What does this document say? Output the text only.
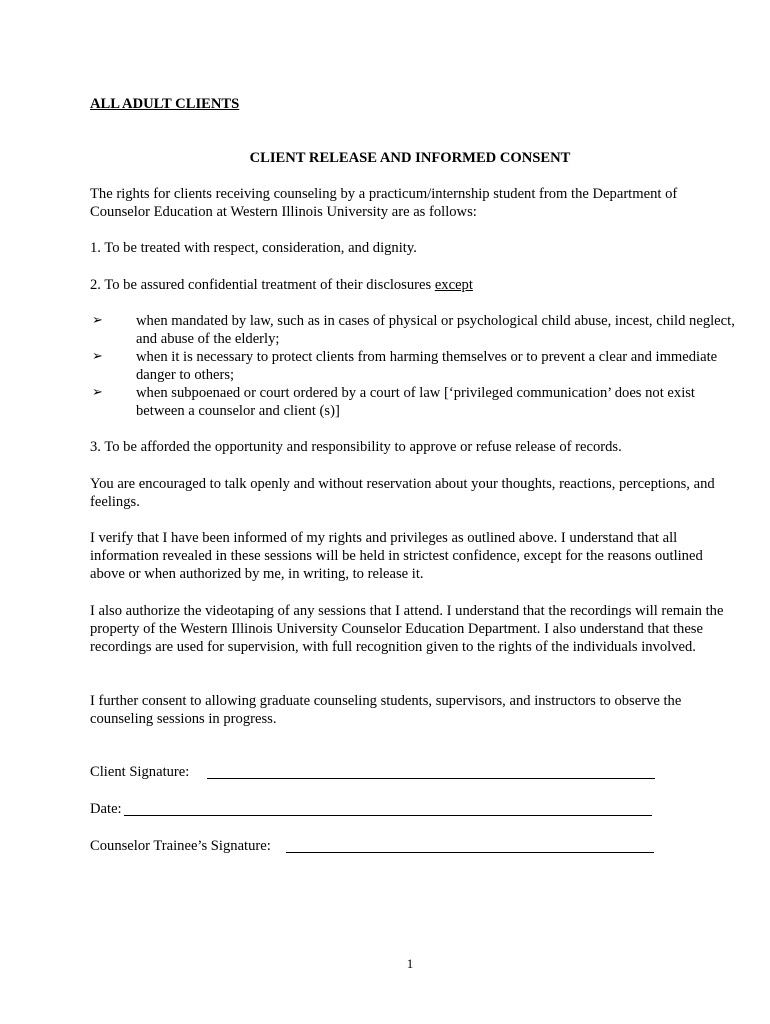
ALL ADULT CLIENTS
CLIENT RELEASE AND INFORMED CONSENT
The rights for clients receiving counseling by a practicum/internship student from the Department of Counselor Education at Western Illinois University are as follows:
1. To be treated with respect, consideration, and dignity.
2. To be assured confidential treatment of their disclosures except
➢ when mandated by law, such as in cases of physical or psychological child abuse, incest, child neglect, and abuse of the elderly;
➢ when it is necessary to protect clients from harming themselves or to prevent a clear and immediate danger to others;
➢ when subpoenaed or court ordered by a court of law [‘privileged communication’ does not exist between a counselor and client (s)]
3. To be afforded the opportunity and responsibility to approve or refuse release of records.
You are encouraged to talk openly and without reservation about your thoughts, reactions, perceptions, and feelings.
I verify that I have been informed of my rights and privileges as outlined above. I understand that all information revealed in these sessions will be held in strictest confidence, except for the reasons outlined above or when authorized by me, in writing, to release it.
I also authorize the videotaping of any sessions that I attend. I understand that the recordings will remain the property of the Western Illinois University Counselor Education Department. I also understand that these recordings are used for supervision, with full recognition given to the rights of the individuals involved.
I further consent to allowing graduate counseling students, supervisors, and instructors to observe the counseling sessions in progress.
Client Signature:
Date:
Counselor Trainee’s Signature:
1
